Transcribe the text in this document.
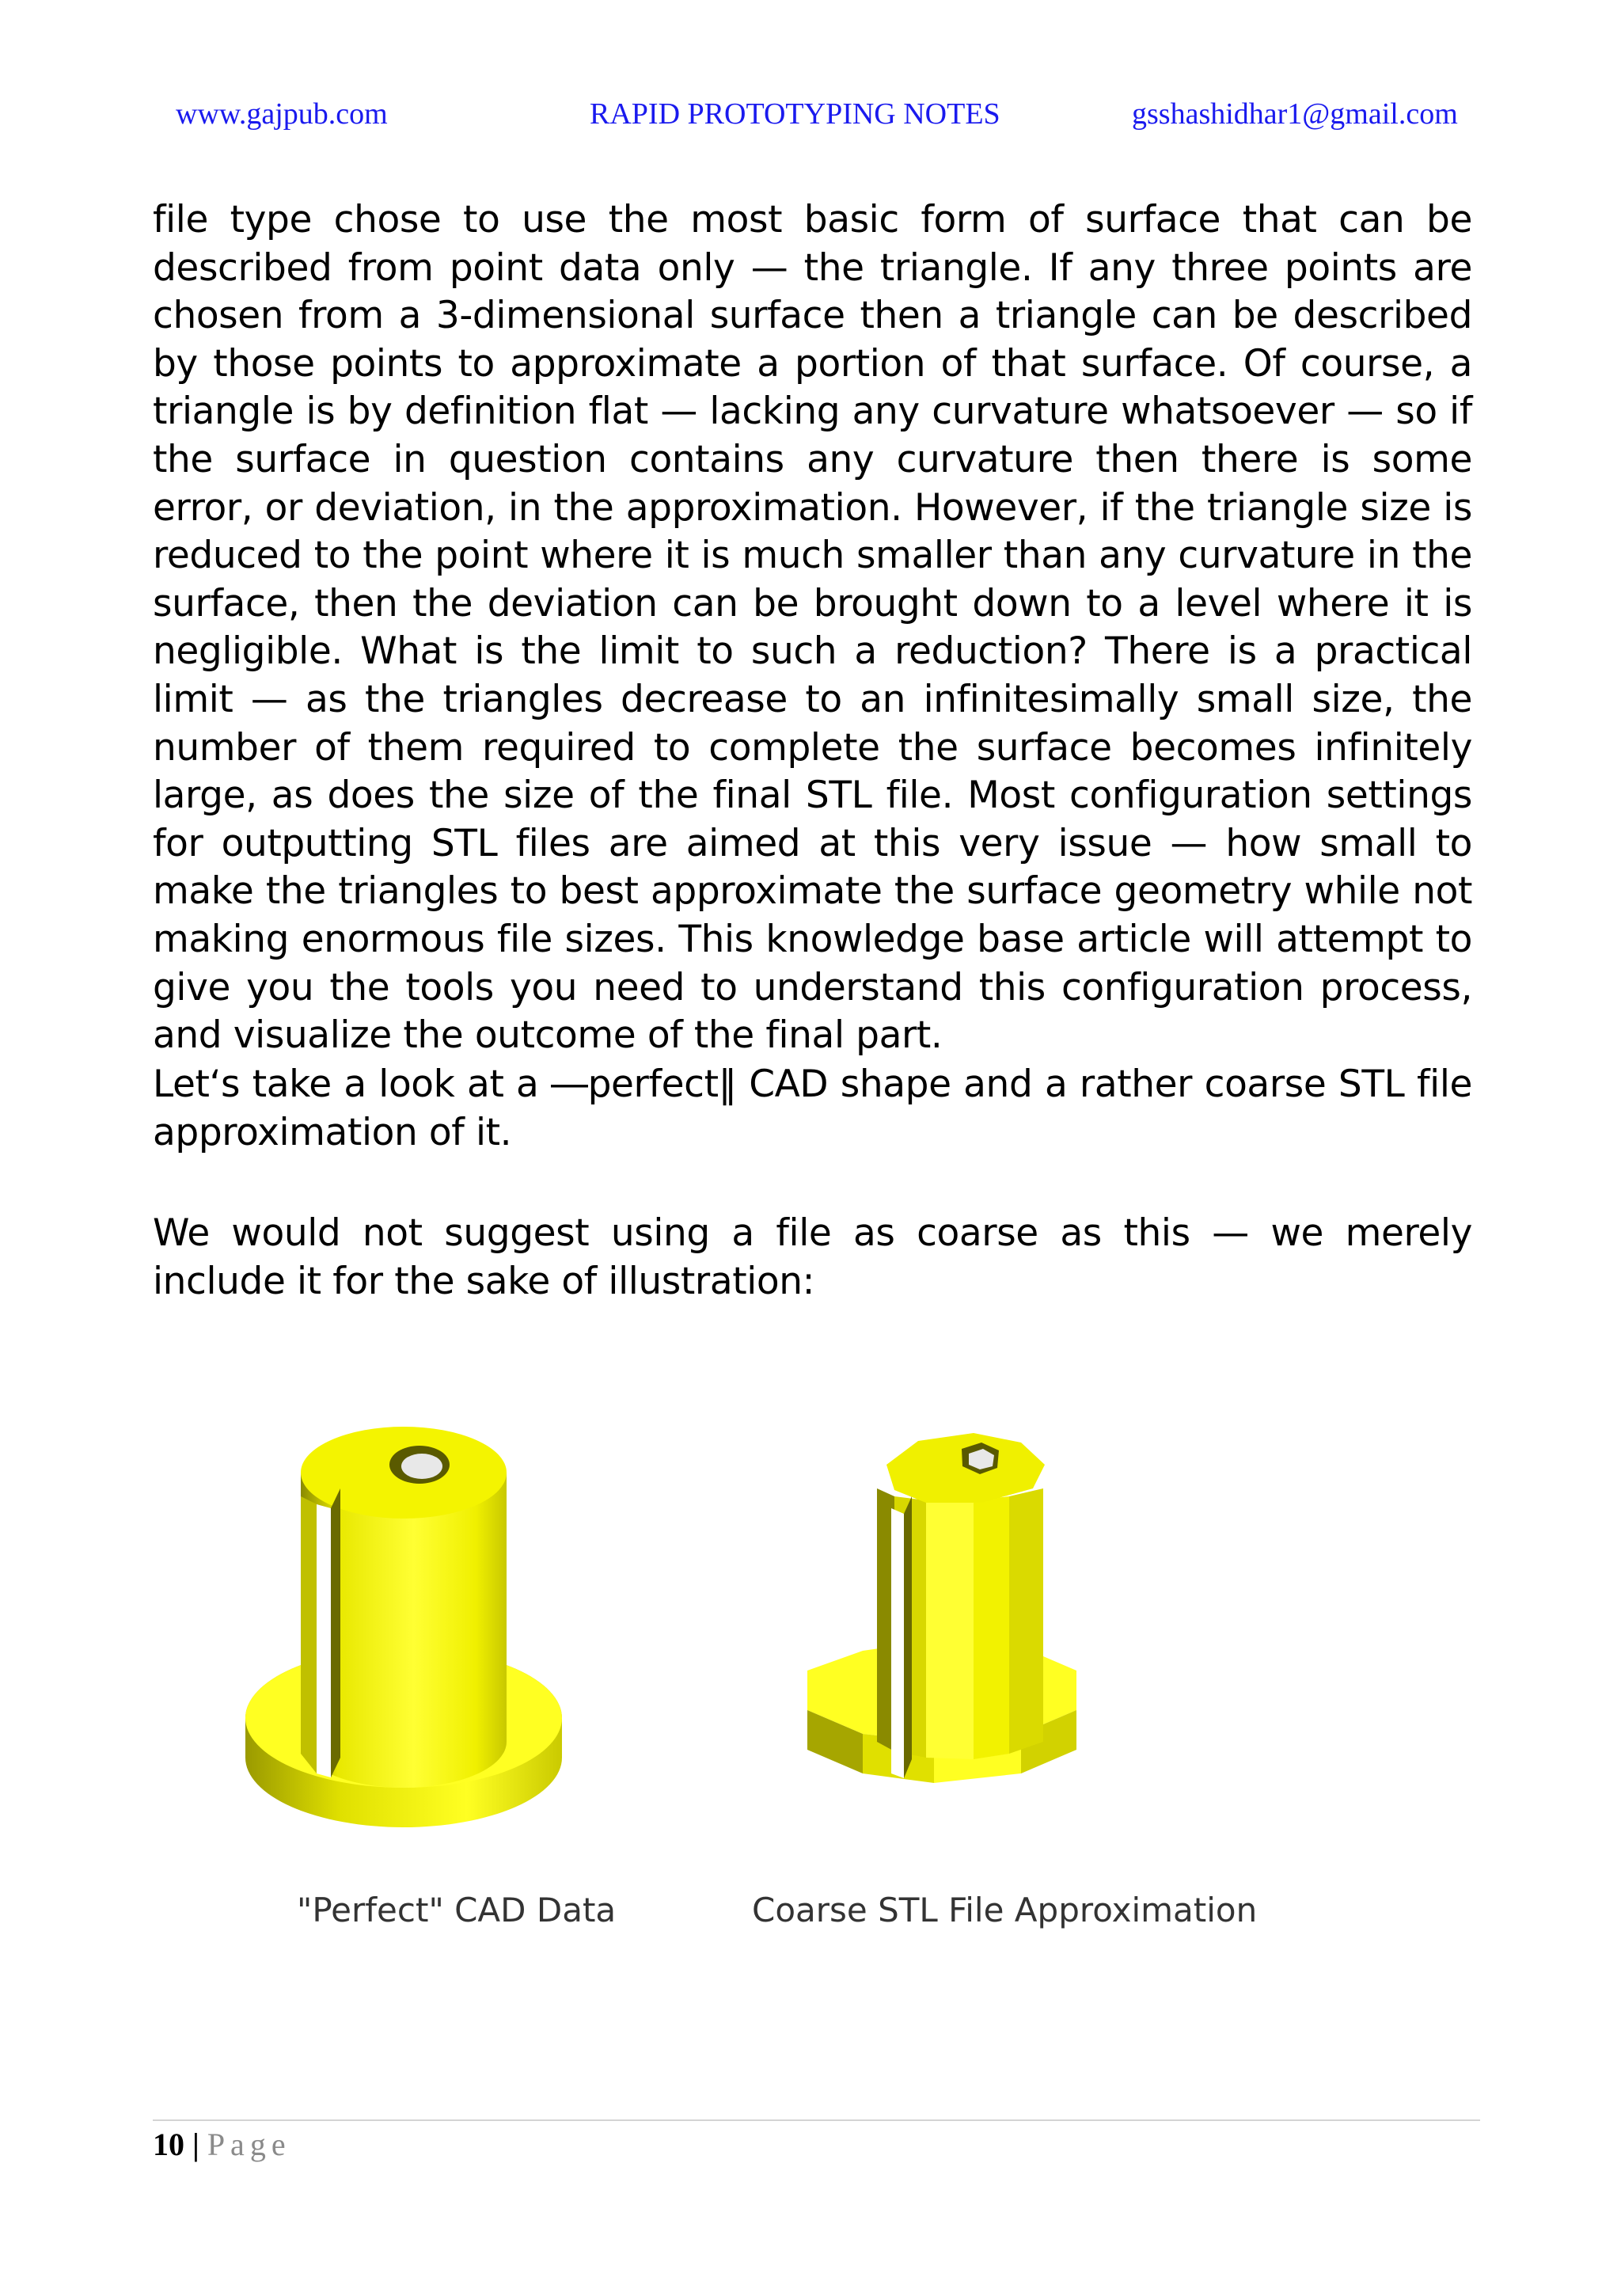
www.gajpub.com	RAPID PROTOTYPING NOTES	gsshashidhar1@gmail.com
file type chose to use the most basic form of surface that can be described from point data only — the triangle. If any three points are chosen from a 3-dimensional surface then a triangle can be described by those points to approximate a portion of that surface. Of course, a triangle is by definition flat — lacking any curvature whatsoever — so if the surface in question contains any curvature then there is some error, or deviation, in the approximation. However, if the triangle size is reduced to the point where it is much smaller than any curvature in the surface, then the deviation can be brought down to a level where it is negligible. What is the limit to such a reduction? There is a practical limit — as the triangles decrease to an infinitesimally small size, the number of them required to complete the surface becomes infinitely large, as does the size of the final STL file. Most configuration settings for outputting STL files are aimed at this very issue — how small to make the triangles to best approximate the surface geometry while not making enormous file sizes. This knowledge base article will attempt to give you the tools you need to understand this configuration process, and visualize the outcome of the final part.
Let‘s take a look at a ―perfect‖ CAD shape and a rather coarse STL file approximation of it.
We would not suggest using a file as coarse as this — we merely include it for the sake of illustration:
"Perfect" CAD Data	Coarse STL File Approximation
10 | Page
